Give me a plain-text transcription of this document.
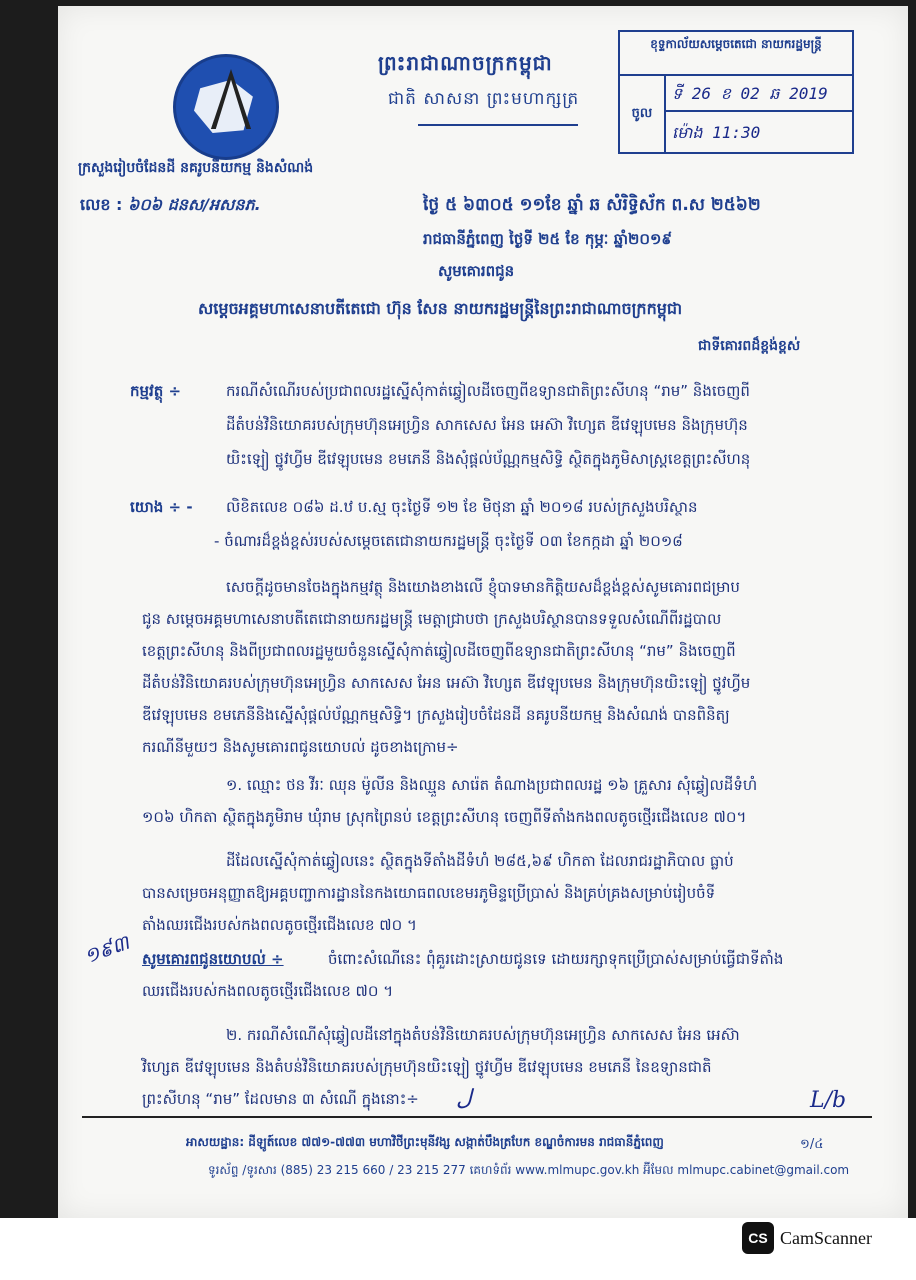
ព្រះរាជាណាចក្រកម្ពុជា
ជាតិ សាសនា ព្រះមហាក្សត្រ
ក្រសួងរៀបចំដែនដី នគរូបនីយកម្ម និងសំណង់
លេខ : ៦០៦ ដនស/អសនភ.
ខុទ្ទកាល័យសម្តេចតេជោ នាយករដ្ឋមន្ត្រី
ចូល
ទី 26 ខ 02 ឆ 2019
ម៉ោង 11:30
ថ្ងៃ ៥ ៦៣០៥ ១១ខែ ឆ្នាំ ឆ សំរិទ្ធិស័ក ព.ស ២៥៦២
រាជធានីភ្នំពេញ ថ្ងៃទី ២៥ ខែ កុម្ភៈ ឆ្នាំ២០១៩
សូមគោរពជូន
សម្តេចអគ្គមហាសេនាបតីតេជោ ហ៊ុន សែន នាយករដ្ឋមន្ត្រីនៃព្រះរាជាណាចក្រកម្ពុជា
ជាទីគោរពដ៏ខ្ពង់ខ្ពស់
កម្មវត្ថុ ÷	ករណីសំណើរបស់ប្រជាពលរដ្ឋស្នើសុំកាត់ឆ្វៀលដីចេញពីឧទ្យានជាតិព្រះសីហនុ “រាម” និងចេញពី
ដីតំបន់វិនិយោគរបស់ក្រុមហ៊ុនអេហ្វ្រិន សាកសេស អែន អេស៊ា វិហ្សេត ឌីវេឡុបមេន និងក្រុមហ៊ុន
យិះឡៀ ថ្នូវហ្វីម ឌីវេឡុបមេន ខមភេនី និងសុំផ្តល់ប័ណ្ណកម្មសិទ្ធិ ស្ថិតក្នុងភូមិសាស្ត្រខេត្តព្រះសីហនុ
យោង ÷ - លិខិតលេខ ០៨៦ ដ.ឋ ប.ស្ម ចុះថ្ងៃទី ១២ ខែ មិថុនា ឆ្នាំ ២០១៨ របស់ក្រសួងបរិស្ថាន
- ចំណារដ៏ខ្ពង់ខ្ពស់របស់សម្តេចតេជោនាយករដ្ឋមន្ត្រី ចុះថ្ងៃទី ០៣ ខែកក្កដា ឆ្នាំ ២០១៨
សេចក្តីដូចមានចែងក្នុងកម្មវត្ថុ និងយោងខាងលើ ខ្ញុំបាទមានកិត្តិយសដ៏ខ្ពង់ខ្ពស់សូមគោរពជម្រាប
ជូន សម្តេចអគ្គមហាសេនាបតីតេជោនាយករដ្ឋមន្ត្រី មេត្តាជ្រាបថា ក្រសួងបរិស្ថានបានទទួលសំណើពីរដ្ឋបាល
ខេត្តព្រះសីហនុ និងពីប្រជាពលរដ្ឋមួយចំនួនស្នើសុំកាត់ឆ្វៀលដីចេញពីឧទ្យានជាតិព្រះសីហនុ “រាម” និងចេញពី
ដីតំបន់វិនិយោគរបស់ក្រុមហ៊ុនអេហ្វ្រិន សាកសេស អែន អេស៊ា វិហ្សេត ឌីវេឡុបមេន និងក្រុមហ៊ុនយិះឡៀ ថ្នូវហ្វីម
ឌីវេឡុបមេន ខមភេនីនិងស្នើសុំផ្តល់ប័ណ្ណកម្មសិទ្ធិ។ ក្រសួងរៀបចំដែនដី នគរូបនីយកម្ម និងសំណង់ បានពិនិត្យ
ករណីនីមួយៗ និងសូមគោរពជូនយោបល់ ដូចខាងក្រោម÷
១. ឈ្មោះ ថន វីរៈ ឈុន ម៉ូលីន និងឈ្មួន សារ៉េត តំណាងប្រជាពលរដ្ឋ ១៦ គ្រួសារ សុំឆ្វៀលដីទំហំ
១០៦ ហិកតា ស្ថិតក្នុងភូមិរាម ឃុំរាម ស្រុកព្រៃនប់ ខេត្តព្រះសីហនុ ចេញពីទីតាំងកងពលតូចថ្មើរជើងលេខ ៧០។
ដីដែលស្នើសុំកាត់ឆ្វៀលនេះ ស្ថិតក្នុងទីតាំងដីទំហំ ២៨៥,៦៩ ហិកតា ដែលរាជរដ្ឋាភិបាល ធ្លាប់
បានសម្រេចអនុញ្ញាតឱ្យអគ្គបញ្ជាការដ្ឋាននៃកងយោធពលខេមរភូមិន្ទប្រើប្រាស់ និងគ្រប់គ្រងសម្រាប់រៀបចំទី
តាំងឈរជើងរបស់កងពលតូចថ្មើរជើងលេខ ៧០ ។
១៩៣ សូមគោរពជូនយោបល់ ÷	ចំពោះសំណើនេះ ពុំគួរដោះស្រាយជូនទេ ដោយរក្សាទុកប្រើប្រាស់សម្រាប់ធ្វើជាទីតាំង
ឈរជើងរបស់កងពលតូចថ្មើរជើងលេខ ៧០ ។
២. ករណីសំណើសុំឆ្វៀលដីនៅក្នុងតំបន់វិនិយោគរបស់ក្រុមហ៊ុនអេហ្វ្រិន សាកសេស អែន អេស៊ា
វិហ្សេត ឌីវេឡុបមេន និងតំបន់វិនិយោគរបស់ក្រុមហ៊ុនយិះឡៀ ថ្នូវហ្វីម ឌីវេឡុបមេន ខមភេនី នៃឧទ្យានជាតិ
ព្រះសីហនុ “រាម” ដែលមាន ៣ សំណើ ក្នុងនោះ÷ ﻝ	L/b
អាសយដ្ឋាន: ដីឡូត៍លេខ ៧៧១-៧៧៣ មហាវិថីព្រះមុនីវង្ស សង្កាត់បឹងត្របែក ខណ្ឌចំការមន រាជធានីភ្នំពេញ	១/៤
ទូរស័ព្ទ /ទូរសារ (885) 23 215 660 / 23 215 277 គេហទំព័រ www.mlmupc.gov.kh អ៊ីមែល mlmupc.cabinet@gmail.com
CS CamScanner
